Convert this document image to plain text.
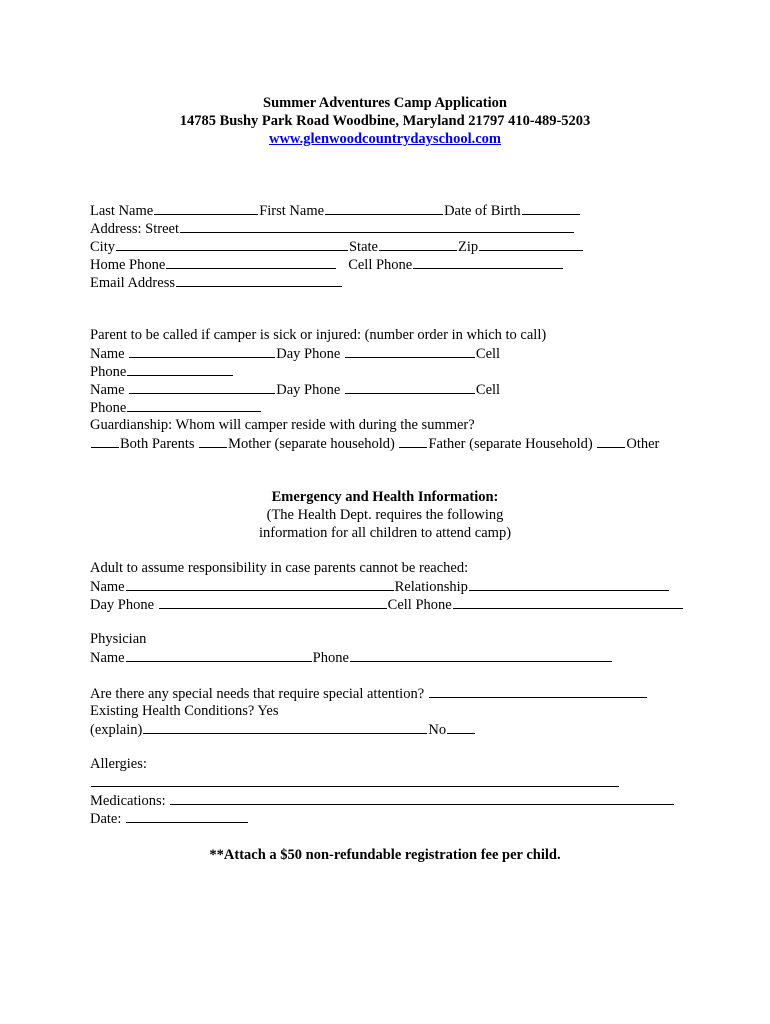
Summer Adventures Camp Application
14785 Bushy Park Road Woodbine, Maryland 21797 410-489-5203
www.glenwoodcountrydayschool.com
Last Name	First Name	Date of Birth
Address: Street
City	State	Zip
Home Phone	Cell Phone
Email Address
Parent to be called if camper is sick or injured: (number order in which to call)
Name	Day Phone	Cell
Phone
Name	Day Phone	Cell
Phone
Guardianship: Whom will camper reside with during the summer?
Both Parents Mother (separate household) Father (separate Household) Other
Emergency and Health Information:
(The Health Dept. requires the following
information for all children to attend camp)
Adult to assume responsibility in case parents cannot be reached:
Name	Relationship
Day Phone	Cell Phone
Physician
Name	Phone
Are there any special needs that require special attention?
Existing Health Conditions? Yes
(explain)	No
Allergies:
Medications:
Date:
**Attach a $50 non-refundable registration fee per child.
